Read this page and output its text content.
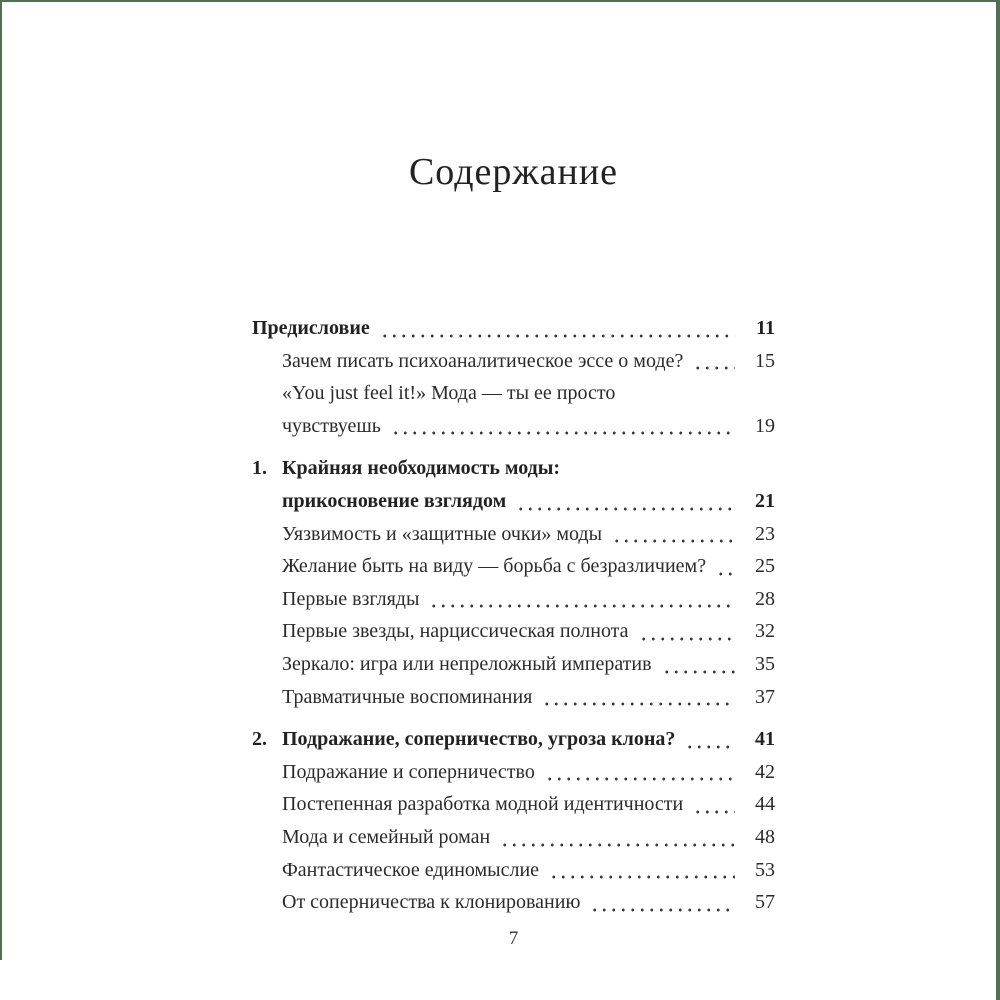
Содержание
Предисловие	11
Зачем писать психоаналитическое эссе о моде?	15
«You just feel it!» Мода — ты ее просто
чувствуешь	19
1. Крайняя необходимость моды:
прикосновение взглядом	21
Уязвимость и «защитные очки» моды	23
Желание быть на виду — борьба с безразличием?	25
Первые взгляды	28
Первые звезды, нарциссическая полнота	32
Зеркало: игра или непреложный императив	35
Травматичные воспоминания	37
2. Подражание, соперничество, угроза клона?	41
Подражание и соперничество	42
Постепенная разработка модной идентичности	44
Мода и семейный роман	48
Фантастическое единомыслие	53
От соперничества к клонированию	57
7
